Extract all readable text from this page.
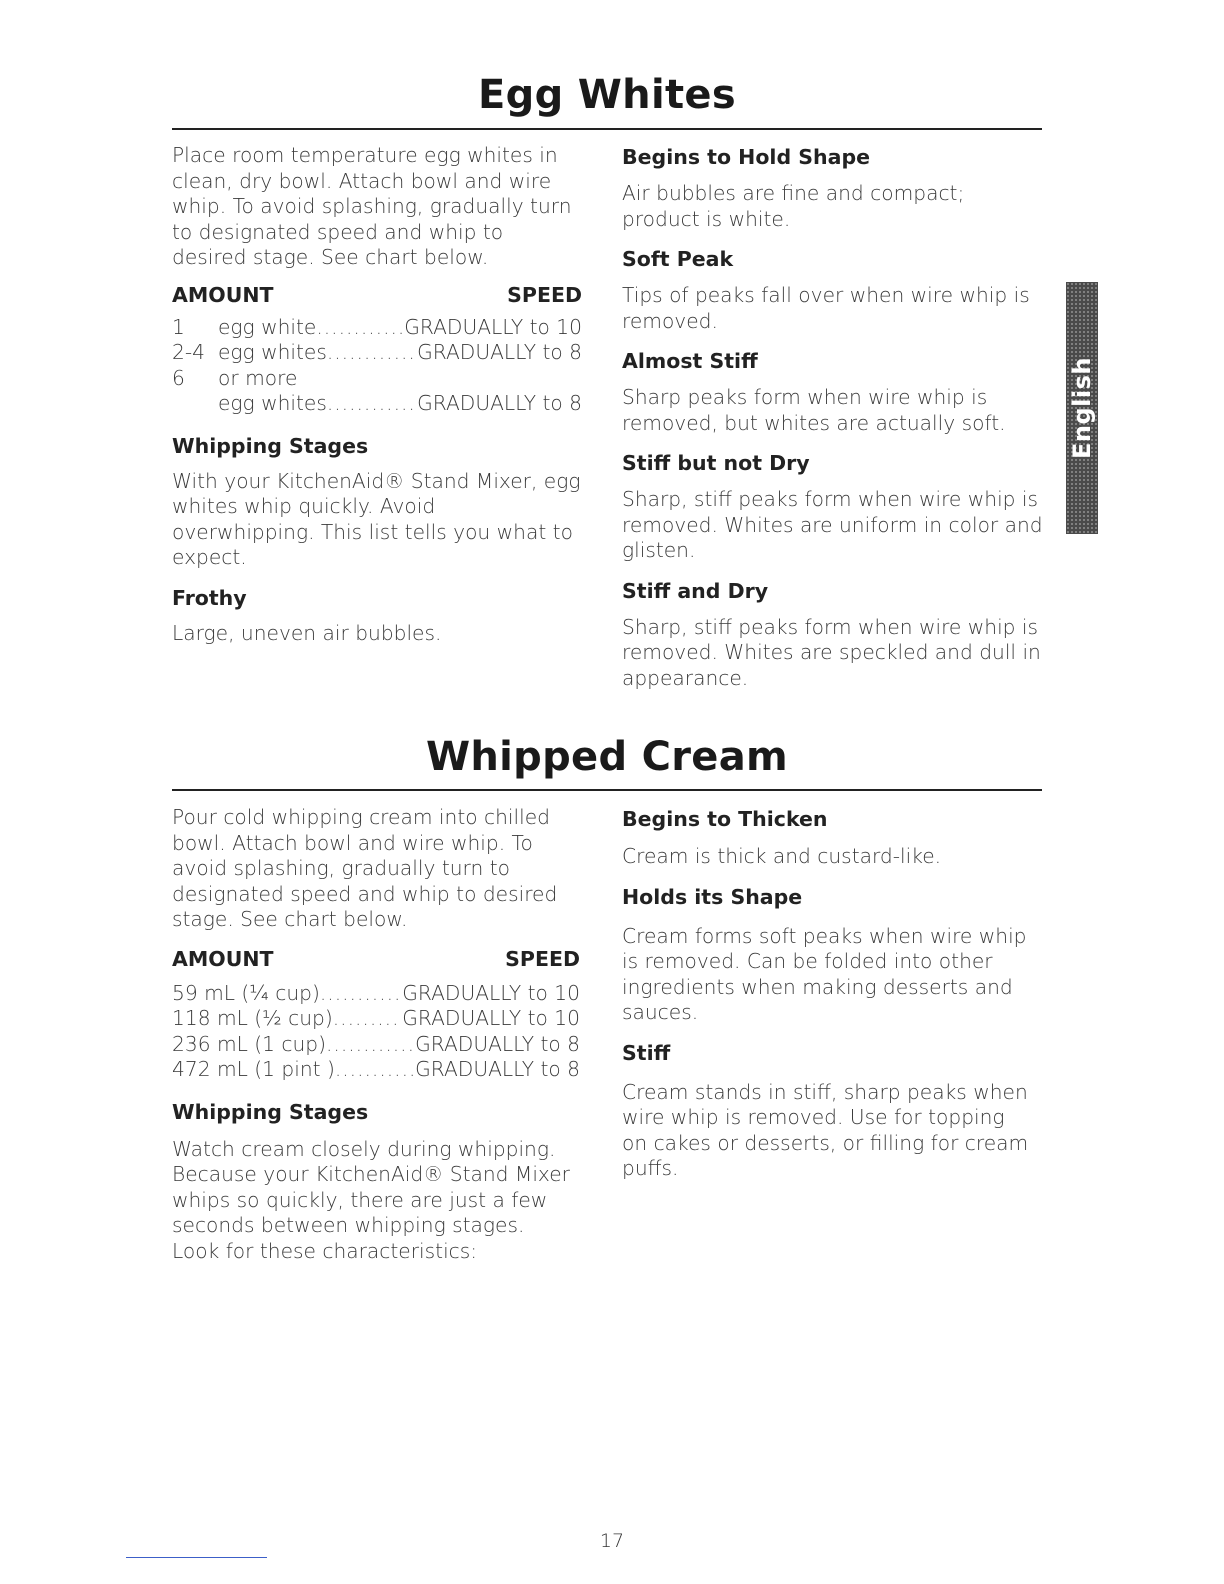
Egg Whites

Place room temperature egg whites in clean, dry bowl. Attach bowl and wire whip. To avoid splashing, gradually turn to designated speed and whip to desired stage. See chart below.

AMOUNT	SPEED
1	egg white .....	GRADUALLY to 10
2-4 egg whites .....	GRADUALLY to 8
6	or more
egg whites .....	GRADUALLY to 8

Whipping Stages

With your KitchenAid® Stand Mixer, egg whites whip quickly. Avoid overwhipping. This list tells you what to expect.

Frothy

Large, uneven air bubbles.

Begins to Hold Shape

Air bubbles are fine and compact; product is white.

Soft Peak

Tips of peaks fall over when wire whip is removed.

Almost Stiff

Sharp peaks form when wire whip is removed, but whites are actually soft.

Stiff but not Dry

Sharp, stiff peaks form when wire whip is removed. Whites are uniform in color and glisten.

Stiff and Dry

Sharp, stiff peaks form when wire whip is removed. Whites are speckled and dull in appearance.

Whipped Cream

Pour cold whipping cream into chilled bowl. Attach bowl and wire whip. To avoid splashing, gradually turn to designated speed and whip to desired stage. See chart below.

AMOUNT	SPEED
59 mL (¼ cup) .....	GRADUALLY to 10
118 mL (½ cup) .....	GRADUALLY to 10
236 mL (1 cup) .....	GRADUALLY to 8
472 mL (1 pint ) .....	GRADUALLY to 8

Whipping Stages

Watch cream closely during whipping. Because your KitchenAid® Stand Mixer whips so quickly, there are just a few seconds between whipping stages. Look for these characteristics:

Begins to Thicken

Cream is thick and custard-like.

Holds its Shape

Cream forms soft peaks when wire whip is removed. Can be folded into other ingredients when making desserts and sauces.

Stiff

Cream stands in stiff, sharp peaks when wire whip is removed. Use for topping on cakes or desserts, or filling for cream puffs.

English
17
